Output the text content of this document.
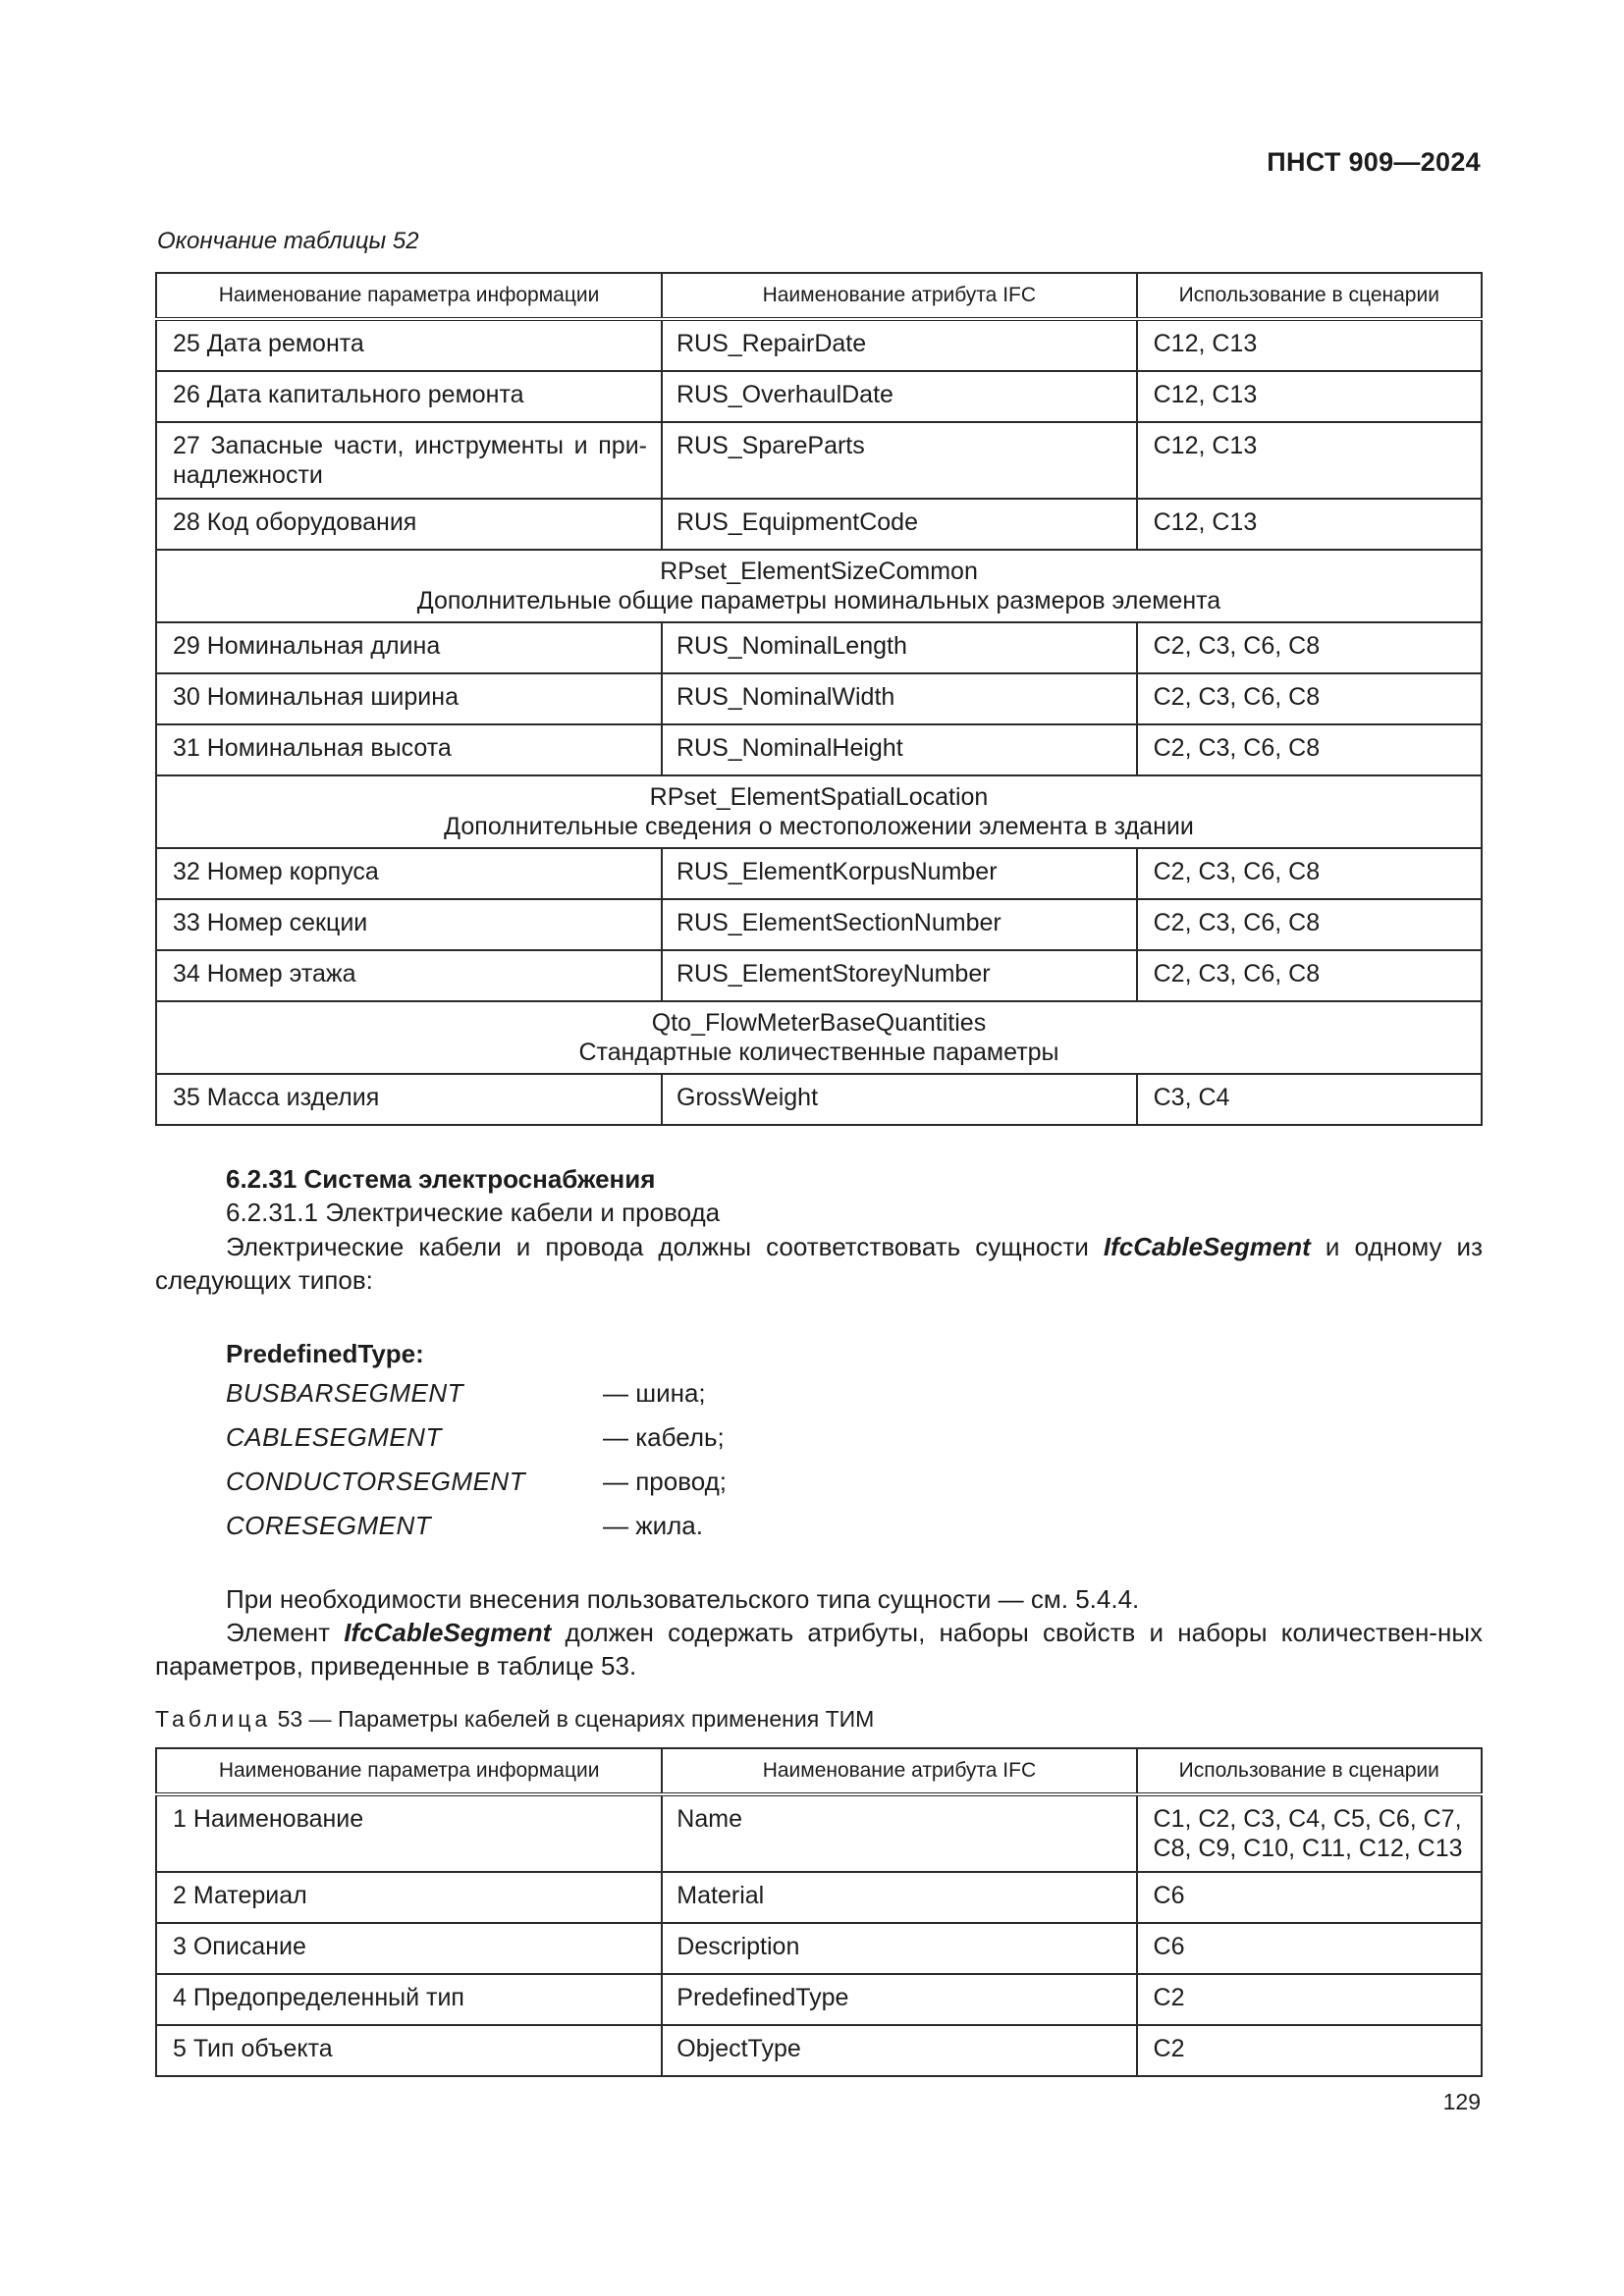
ПНСТ 909—2024
Окончание таблицы 52
Наименование параметра информации	Наименование атрибута IFC	Использование в сценарии
25 Дата ремонта	RUS_RepairDate	C12, C13
26 Дата капитального ремонта	RUS_OverhaulDate	C12, C13
27 Запасные части, инструменты и при-надлежности	RUS_SpareParts	C12, C13
28 Код оборудования	RUS_EquipmentCode	C12, C13

RPset_ElementSizeCommon
Дополнительные общие параметры номинальных размеров элемента		

29 Номинальная длина	RUS_NominalLength	C2, C3, C6, C8
30 Номинальная ширина	RUS_NominalWidth	C2, C3, C6, C8
31 Номинальная высота	RUS_NominalHeight	C2, C3, C6, C8

RPset_ElementSpatialLocation
Дополнительные сведения о местоположении элемента в здании		

32 Номер корпуса	RUS_ElementKorpusNumber	C2, C3, C6, C8
33 Номер секции	RUS_ElementSectionNumber	C2, C3, C6, C8
34 Номер этажа	RUS_ElementStoreyNumber	C2, C3, C6, C8

Qto_FlowMeterBaseQuantities
Стандартные количественные параметры		

35 Масса изделия	GrossWeight	C3, C4
6.2.31 Система электроснабжения
6.2.31.1 Электрические кабели и провода
Электрические кабели и провода должны соответствовать сущности IfcCableSegment и одному из следующих типов:
PredefinedType:
BUSBARSEGMENT	— шина;
CABLESEGMENT	— кабель;
CONDUCTORSEGMENT	— провод;
CORESEGMENT	— жила.
При необходимости внесения пользовательского типа сущности — см. 5.4.4.
Элемент IfcCableSegment должен содержать атрибуты, наборы свойств и наборы количествен-ных параметров, приведенные в таблице 53.
Таблица 53 — Параметры кабелей в сценариях применения ТИМ
Наименование параметра информации	Наименование атрибута IFC	Использование в сценарии
1 Наименование	Name	C1, C2, C3, C4, C5, C6, C7, C8, C9, C10, C11, C12, C13
2 Материал	Material	C6
3 Описание	Description	C6
4 Предопределенный тип	PredefinedType	C2
5 Тип объекта	ObjectType	C2
129
